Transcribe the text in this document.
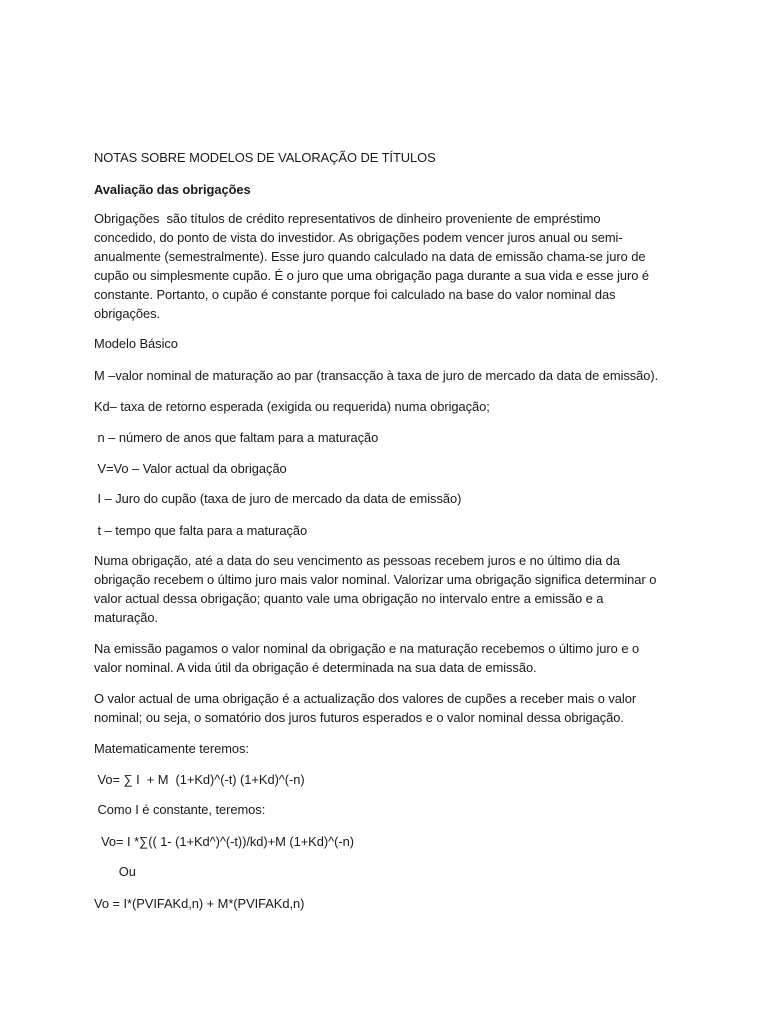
NOTAS SOBRE MODELOS DE VALORAÇÃO DE TÍTULOS
Avaliação das obrigações
Obrigações  são títulos de crédito representativos de dinheiro proveniente de empréstimo
concedido, do ponto de vista do investidor. As obrigações podem vencer juros anual ou semi-
anualmente (semestralmente). Esse juro quando calculado na data de emissão chama-se juro de
cupão ou simplesmente cupão. É o juro que uma obrigação paga durante a sua vida e esse juro é
constante. Portanto, o cupão é constante porque foi calculado na base do valor nominal das
obrigações.
Modelo Básico
M –valor nominal de maturação ao par (transacção à taxa de juro de mercado da data de emissão).
Kd– taxa de retorno esperada (exigida ou requerida) numa obrigação;
n – número de anos que faltam para a maturação
V=Vo – Valor actual da obrigação
I – Juro do cupão (taxa de juro de mercado da data de emissão)
t – tempo que falta para a maturação
Numa obrigação, até a data do seu vencimento as pessoas recebem juros e no último dia da
obrigação recebem o último juro mais valor nominal. Valorizar uma obrigação significa determinar o
valor actual dessa obrigação; quanto vale uma obrigação no intervalo entre a emissão e a
maturação.
Na emissão pagamos o valor nominal da obrigação e na maturação recebemos o último juro e o
valor nominal. A vida útil da obrigação é determinada na sua data de emissão.
O valor actual de uma obrigação é a actualização dos valores de cupões a receber mais o valor
nominal; ou seja, o somatório dos juros futuros esperados e o valor nominal dessa obrigação.
Matematicamente teremos:
Vo= ∑ I  + M  (1+Kd)^(-t) (1+Kd)^(-n)
Como I é constante, teremos:
Vo= I *∑(( 1- (1+Kd^)^(-t))/kd)+M (1+Kd)^(-n)
Ou
Vo = I*(PVIFAKd,n) + M*(PVIFAKd,n)
